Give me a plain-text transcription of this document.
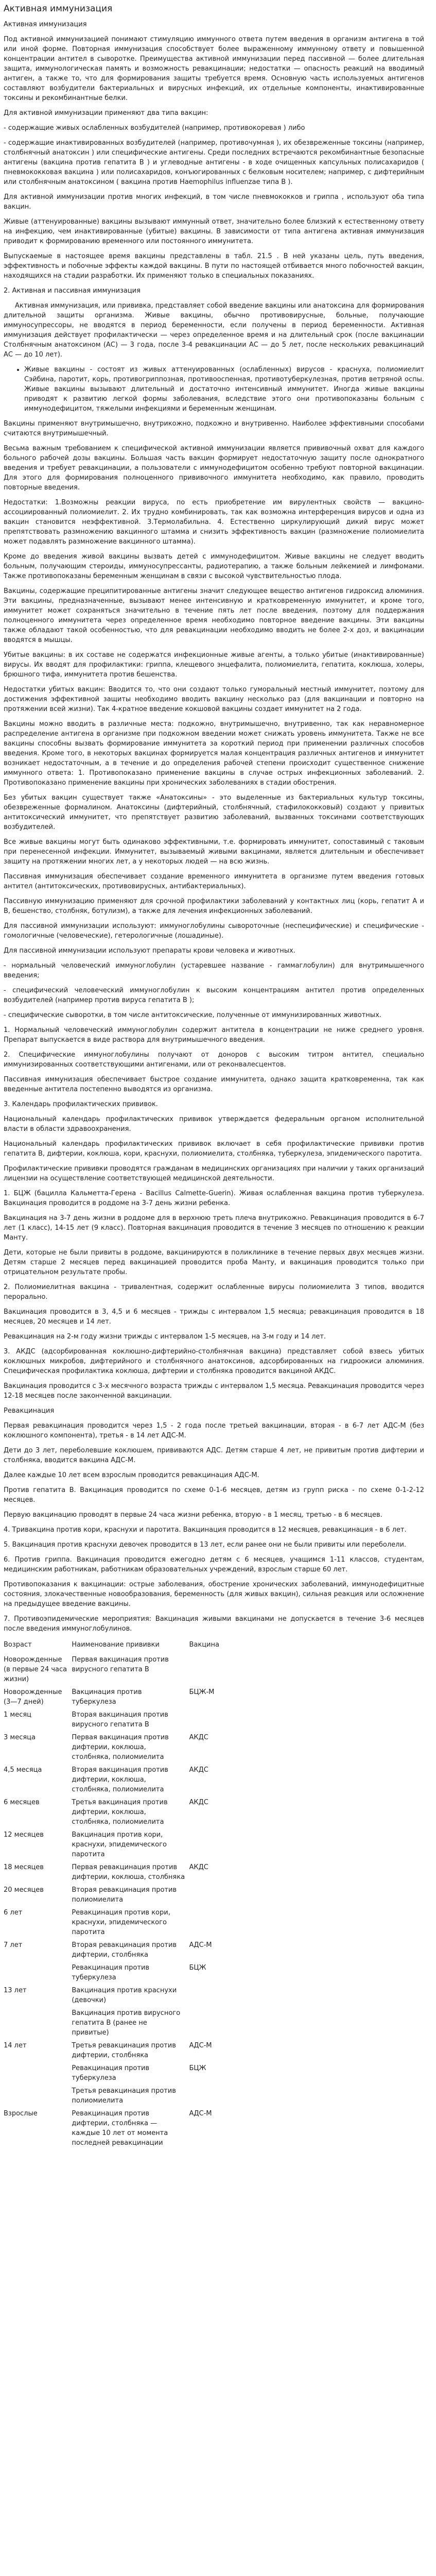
Активная иммунизация

Активная иммунизация

Под активной иммунизацией понимают стимуляцию иммунного ответа путем введения в организм антигена в той или иной форме. Повторная иммунизация способствует более выраженному иммунному ответу и повышенной концентрации антител в сыворотке. Преимущества активной иммунизации перед пассивной — более длительная защита, иммунологическая память и возможность ревакцинации; недостатки — опасность реакций на вводимый антиген, а также то, что для формирования защиты требуется время. Основную часть используемых антигенов составляют возбудители бактериальных и вирусных инфекций, их отдельные компоненты, инактивированные токсины и рекомбинантные белки.

Для активной иммунизации применяют два типа вакцин:

- содержащие живых ослабленных возбудителей (например, противокоревая ) либо

- содержащие инактивированных возбудителей (например, противочумная ), их обезвреженные токсины (например, столбнячный анатоксин ) или специфические антигены. Среди последних встречаются рекомбинантные безопасные антигены (вакцина против гепатита B ) и углеводные антигены - в ходе очищенных капсульных полисахаридов ( пневмококковая вакцина ) или полисахаридов, конъюгированных с белковым носителем; например, с дифтерийным или столбнячным анатоксином ( вакцина против Haemophilus influenzae типа B ).

Для активной иммунизации против многих инфекций, в том числе пневмококков и гриппа , используют оба типа вакцин.

Живые (аттенуированные) вакцины вызывают иммунный ответ, значительно более близкий к естественному ответу на инфекцию, чем инактивированные (убитые) вакцины. В зависимости от типа антигена активная иммунизация приводит к формированию временного или постоянного иммунитета.

Выпускаемые в настоящее время вакцины представлены в табл. 21.5 . В ней указаны цель, путь введения, эффективность и побочные эффекты каждой вакцины. В пути по настоящей отбивается много побочностей вакцин, находящихся на стадии разработки. Их применяют только в специальных показаниях.

2. Активная и пассивная иммунизация

Активная иммунизация, или прививка, представляет собой введение вакцины или анатоксина для формирования длительной защиты организма. Живые вакцины, обычно противовирусные, больные, получающие иммуносупрессоры, не вводятся в период беременности, если получены в период беременности. Активная иммунизация действует профилактически — через определенное время и на длительный срок (после вакцинации Столбнячным анатоксином (АС) — 3 года, после 3-4 ревакцинации АС — до 5 лет, после нескольких ревакцинаций АС — до 10 лет).

• Живые вакцины - состоят из живых аттенуированных (ослабленных) вирусов - краснуха, полиомиелит Сэйбина, паротит, корь, противогриппозная, противооспенная, противотуберкулезная, против ветряной оспы. Живые вакцины вызывают длительный и достаточно интенсивный иммунитет. Иногда живые вакцины приводят к развитию легкой формы заболевания, вследствие этого они противопоказаны больным с иммунодефицитом, тяжелыми инфекциями и беременным женщинам.

Вакцины применяют внутримышечно, внутрикожно, подкожно и внутривенно. Наиболее эффективными способами считаются внутримышечный.

Весьма важным требованием к специфической активной иммунизации является прививочный охват для каждого больного рабочей дозы вакцины. Большая часть вакцин формирует недостаточную защиту после однократного введения и требует ревакцинации, а пользователи с иммунодефицитом особенно требуют повторной вакцинации. Для этого для формирования полноценного прививочного иммунитета необходимо, как правило, проводить повторные введения.

Недостатки: 1.Возможны реакции вируса, по есть приобретение им вирулентных свойств — вакцино-ассоциированный полиомиелит. 2. Их трудно комбинировать, так как возможна интерференция вирусов и одна из вакцин становится неэффективной. 3.Термолабильна. 4. Естественно циркулирующий дикий вирус может препятствовать размножению вакцинного штамма и снизить эффективность вакцин (размножение полиомиелита может подавлять размножение вакцинного штамма).

Кроме до введения живой вакцины вызвать детей с иммунодефицитом. Живые вакцины не следует вводить больным, получающим стероиды, иммуносупрессанты, радиотерапию, а также больным лейкемией и лимфомами. Также противопоказаны беременным женщинам в связи с высокой чувствительностью плода.

Вакцины, содержащие преципитированные антигены значит следующее вещество антигенов гидроксид алюминия. Эти вакцины, предназначенные, вызывают менее интенсивную и кратковременную иммунитет, и кроме того, иммунитет может сохраняться значительно в течение пять лет после введения, поэтому для поддержания полноценного иммунитета через определенное время необходимо повторное введение вакцины. Эти вакцины также обладают такой особенностью, что для ревакцинации необходимо вводить не более 2-х доз, и вакцинации вводятся в мышцы.

Убитые вакцины: в их составе не содержатся инфекционные живые агенты, а только убитые (инактивированные) вирусы. Их вводят для профилактики: гриппа, клещевого энцефалита, полиомиелита, гепатита, коклюша, холеры, брюшного тифа, иммунитета против бешенства.

Недостатки убитых вакцин: Вводится то, что они создают только гуморальный местный иммунитет, поэтому для достижения эффективной защиты необходимо вводить вакцину несколько раз (для вакцинации и повторно на протяжении всей жизни). Так 4-кратное введение кокшовой вакцины создает иммунитет на 2 года.

Вакцины можно вводить в различные места: подкожно, внутримышечно, внутривенно, так как неравномерное распределение антигена в организме при подкожном введении может снижать уровень иммунитета. Также не все вакцины способны вызвать формирование иммунитета за короткий период при применении различных способов введения. Кроме того, в некоторых вакцинах формируется малая концентрация различных антигенов и иммунитет возникает недостаточным, а в течение и до определения рабочей степени происходит существенное снижение иммунного ответа: 1. Противопоказано применение вакцины в случае острых инфекционных заболеваний. 2. Противопоказано применение вакцины при хронических заболеваниях в стадии обострения.

Без убитых вакцин существует также «Анатоксины» - это выделенные из бактериальных культур токсины, обезвреженные формалином. Анатоксины (дифтерийный, столбнячный, стафилококковый) создают у привитых антитоксический иммунитет, что препятствует развитию заболеваний, вызванных токсинами соответствующих возбудителей.

Все живые вакцины могут быть одинаково эффективными, т.е. формировать иммунитет, сопоставимый с таковым при перенесенной инфекции. Иммунитет, вызываемый живыми вакцинами, является длительным и обеспечивает защиту на протяжении многих лет, а у некоторых людей — на всю жизнь.

Пассивная иммунизация обеспечивает создание временного иммунитета в организме путем введения готовых антител (антитоксических, противовирусных, антибактериальных).

Пассивную иммунизацию применяют для срочной профилактики заболеваний у контактных лиц (корь, гепатит A и B, бешенство, столбняк, ботулизм), а также для лечения инфекционных заболеваний.

Для пассивной иммунизации используют: иммуноглобулины сывороточные (неспецифические) и специфические - гомологичные (человеческие), гетерологичные (лошадиные).

Для пассивной иммунизации используют препараты крови человека и животных.

- нормальный человеческий иммуноглобулин (устаревшее название - гаммаглобулин) для внутримышечного введения;

- специфический человеческий иммуноглобулин к высоким концентрациям антител против определенных возбудителей (например против вируса гепатита B );

- специфические сыворотки, в том числе антитоксические, полученные от иммунизированных животных.

1. Нормальный человеческий иммуноглобулин содержит антитела в концентрации не ниже среднего уровня. Препарат выпускается в виде раствора для внутримышечного введения.

2. Специфические иммуноглобулины получают от доноров с высоким титром антител, специально иммунизированных соответствующими антигенами, или от реконвалесцентов.

Пассивная иммунизация обеспечивает быстрое создание иммунитета, однако защита кратковременна, так как введенные антитела постепенно выводятся из организма.

3. Календарь профилактических прививок.

Национальный календарь профилактических прививок утверждается федеральным органом исполнительной власти в области здравоохранения.

Национальный календарь профилактических прививок включает в себя профилактические прививки против гепатита B, дифтерии, коклюша, кори, краснухи, полиомиелита, столбняка, туберкулеза, эпидемического паротита.

Профилактические прививки проводятся гражданам в медицинских организациях при наличии у таких организаций лицензии на осуществление соответствующей медицинской деятельности.

1. БЦЖ (бацилла Кальметта-Герена - Bacillus Calmette-Guerin). Живая ослабленная вакцина против туберкулеза. Вакцинация проводится в роддоме на 3-7 день жизни ребенка.

Вакцинация на 3-7 день жизни в роддоме для в верхнюю треть плеча внутрикожно. Ревакцинация проводится в 6-7 лет (1 класс), 14-15 лет (9 класс). Повторная вакцинация проводится в течение 3 месяцев по отношению к реакции Манту.

Дети, которые не были привиты в роддоме, вакцинируются в поликлинике в течение первых двух месяцев жизни. Детям старше 2 месяцев перед вакцинацией проводится проба Манту, и вакцинация проводится только при отрицательном результате пробы.

2. Полиомиелитная вакцина - тривалентная, содержит ослабленные вирусы полиомиелита 3 типов, вводится перорально.

Вакцинация проводится в 3, 4,5 и 6 месяцев - трижды с интервалом 1,5 месяца; ревакцинация проводится в 18 месяцев, 20 месяцев и 14 лет.

Ревакцинация на 2-м году жизни трижды с интервалом 1-5 месяцев, на 3-м году и 14 лет.

3. АКДС (адсорбированная коклюшно-дифтерийно-столбнячная вакцина) представляет собой взвесь убитых коклюшных микробов, дифтерийного и столбнячного анатоксинов, адсорбированных на гидроокиси алюминия. Специфическая профилактика коклюша, дифтерии и столбняка проводится вакциной АКДС.

Вакцинация проводится с 3-х месячного возраста трижды с интервалом 1,5 месяца. Ревакцинация проводится через 12-18 месяцев после законченной вакцинации.

Ревакцинация

Первая ревакцинация проводится через 1,5 - 2 года после третьей вакцинации, вторая - в 6-7 лет АДС-М (без коклюшного компонента), третья - в 14 лет АДС-М.

Дети до 3 лет, переболевшие коклюшем, прививаются АДС. Детям старше 4 лет, не привитым против дифтерии и столбняка, вводится вакцина АДС-М.

Далее каждые 10 лет всем взрослым проводится ревакцинация АДС-М.

Против гепатита B. Вакцинация проводится по схеме 0-1-6 месяцев, детям из групп риска - по схеме 0-1-2-12 месяцев.

Первую вакцинацию проводят в первые 24 часа жизни ребенка, вторую - в 1 месяц, третью - в 6 месяцев.

4. Тривакцина против кори, краснухи и паротита. Вакцинация проводится в 12 месяцев, ревакцинация - в 6 лет.

5. Вакцинация против краснухи девочек проводится в 13 лет, если ранее они не были привиты или переболели.

6. Против гриппа. Вакцинация проводится ежегодно детям с 6 месяцев, учащимся 1-11 классов, студентам, медицинским работникам, работникам образовательных учреждений, взрослым старше 60 лет.

Противопоказания к вакцинации: острые заболевания, обострение хронических заболеваний, иммунодефицитные состояния, злокачественные новообразования, беременность (для живых вакцин), сильная реакция или осложнение на предыдущее введение вакцины.

7. Противоэпидемические мероприятия: Вакцинация живыми вакцинами не допускается в течение 3-6 месяцев после введения иммуноглобулинов.

Возраст	Наименование прививки	Вакцина
Новорожденные (в первые 24 часа жизни)	Первая вакцинация против вирусного гепатита B	
Новорожденные (3—7 дней)	Вакцинация против туберкулеза	БЦЖ-М
1 месяц	Вторая вакцинация против вирусного гепатита B	
3 месяца	Первая вакцинация против дифтерии, коклюша, столбняка, полиомиелита	АКДС
4,5 месяца	Вторая вакцинация против дифтерии, коклюша, столбняка, полиомиелита	АКДС
6 месяцев	Третья вакцинация против дифтерии, коклюша, столбняка, полиомиелита	АКДС
12 месяцев	Вакцинация против кори, краснухи, эпидемического паротита	
18 месяцев	Первая ревакцинация против дифтерии, коклюша, столбняка	АКДС
20 месяцев	Вторая ревакцинация против полиомиелита	
6 лет	Ревакцинация против кори, краснухи, эпидемического паротита	
7 лет	Вторая ревакцинация против дифтерии, столбняка	АДС-М
	Ревакцинация против туберкулеза	БЦЖ
13 лет	Вакцинация против краснухи (девочки)	
	Вакцинация против вирусного гепатита B (ранее не привитые)	
14 лет	Третья ревакцинация против дифтерии, столбняка	АДС-М
	Ревакцинация против туберкулеза	БЦЖ
	Третья ревакцинация против полиомиелита	
Взрослые	Ревакцинация против дифтерии, столбняка — каждые 10 лет от момента последней ревакцинации	АДС-М
